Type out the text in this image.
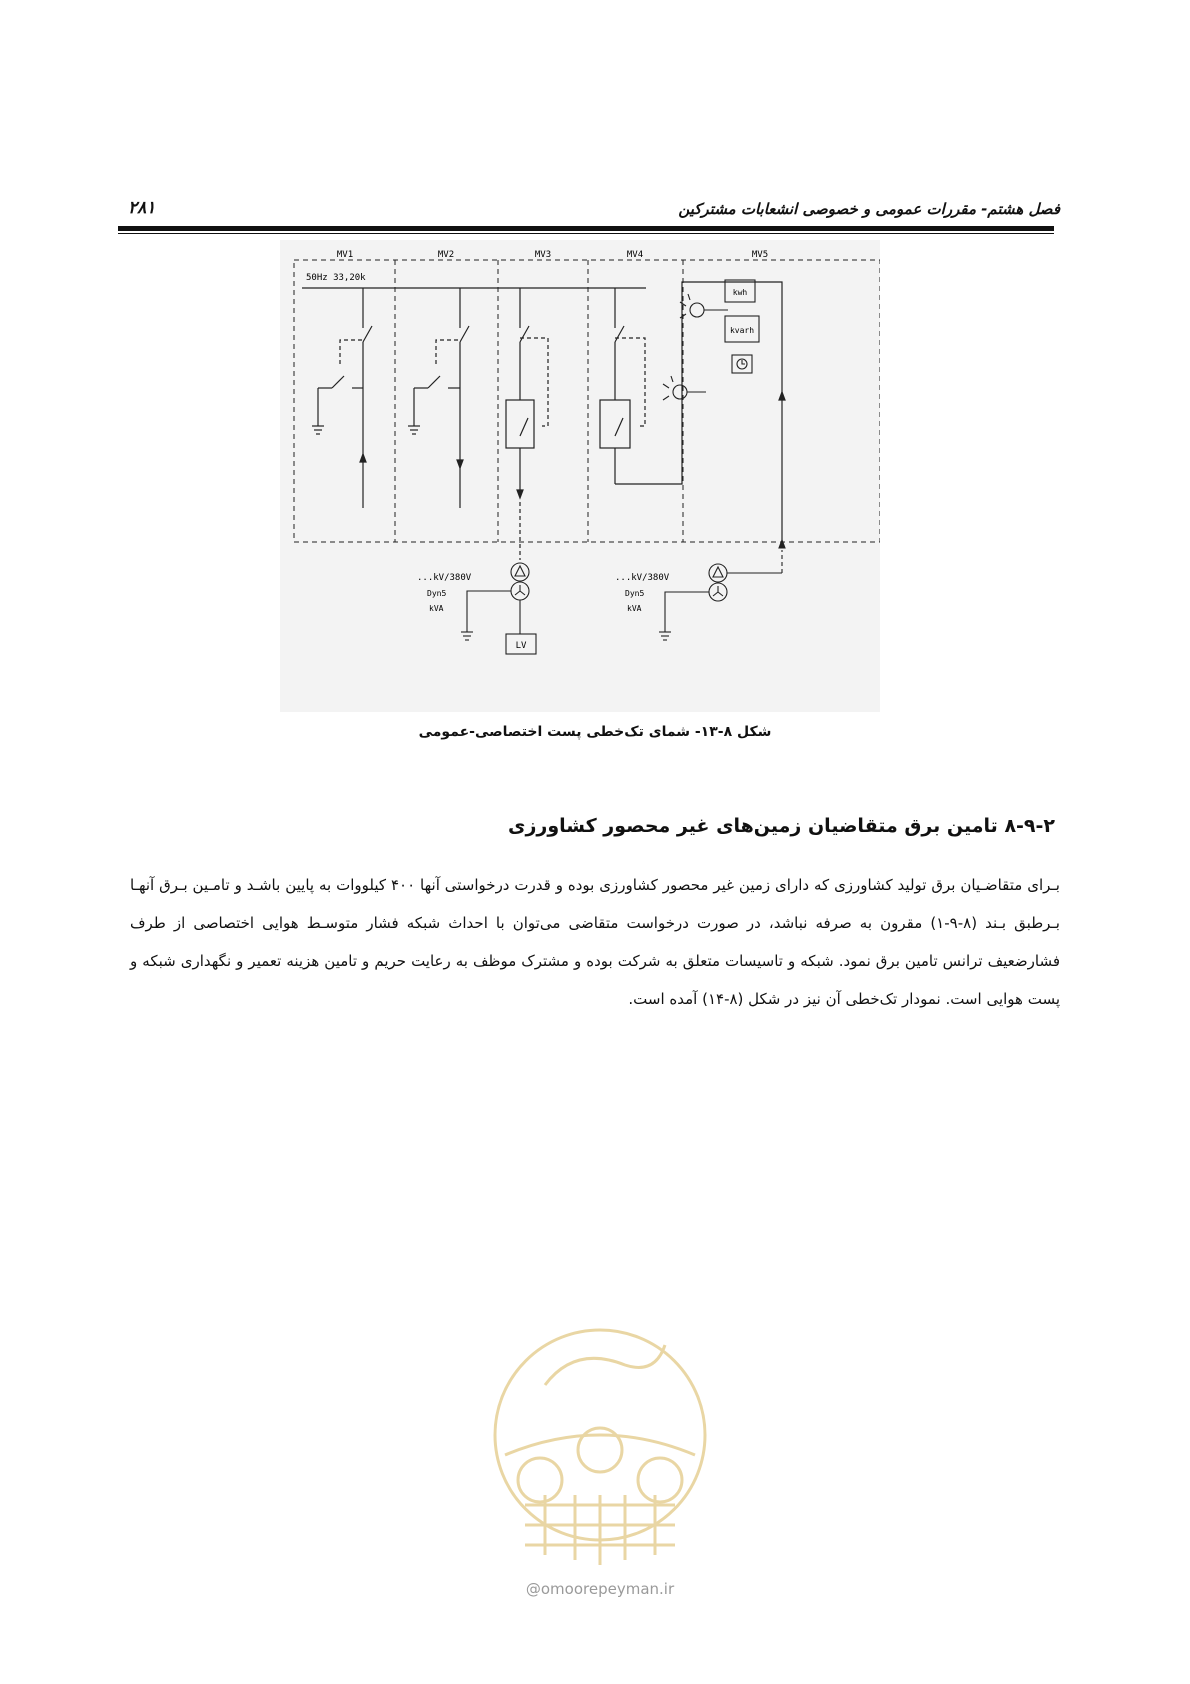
فصل هشتم- مقررات عمومی و خصوصی انشعابات مشترکین
۲۸۱
MV1	MV2	MV3	MV4	MV5
50Hz 33,20k
kwh
kvarh
...kV/380V
Dyn5
kVA
LV
...kV/380V
Dyn5
kVA
شکل ۸-۱۳- شمای تک‌خطی پست اختصاصی-عمومی
۸-۹-۲ تامین برق متقاضیان زمین‌های غیر محصور کشاورزی
بـرای متقاضـیان برق تولید کشاورزی که دارای زمین غیر محصور کشاورزی بوده و قدرت درخواستی آنها ۴۰۰ کیلووات به پایین باشـد و تامـین بـرق آنهـا بـرطبق بـند (۸-۹-۱) مقرون به صرفه نباشد، در صورت درخواست متقاضی می‌توان با احداث شبکه فشار متوسـط هوایی اختصاصی از طرف فشارضعیف ترانس تامین برق نمود. شبکه و تاسیسات متعلق به شرکت بوده و مشترک موظف به رعایت حریم و تامین هزینه تعمیر و نگهداری شبکه و پست هوایی است. نمودار تک‌خطی آن نیز در شکل (۸-۱۴) آمده است.
@omoorepeyman.ir
